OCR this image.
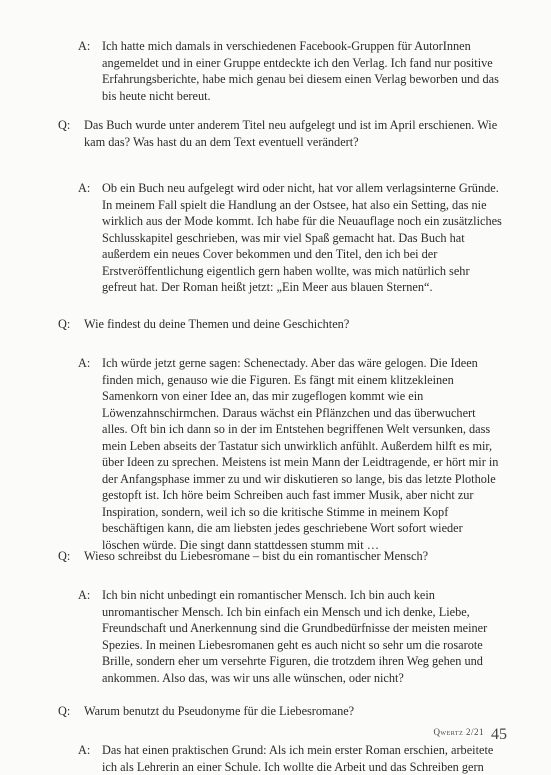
A: Ich hatte mich damals in verschiedenen Facebook-Gruppen für AutorInnen
angemeldet und in einer Gruppe entdeckte ich den Verlag. Ich fand nur positive
Erfahrungsberichte, habe mich genau bei diesem einen Verlag beworben und das
bis heute nicht bereut.
Q:	Das Buch wurde unter anderem Titel neu aufgelegt und ist im April erschienen. Wie
kam das? Was hast du an dem Text eventuell verändert?
A: Ob ein Buch neu aufgelegt wird oder nicht, hat vor allem verlagsinterne Gründe.
In meinem Fall spielt die Handlung an der Ostsee, hat also ein Setting, das nie
wirklich aus der Mode kommt. Ich habe für die Neuauflage noch ein zusätzliches
Schlusskapitel geschrieben, was mir viel Spaß gemacht hat. Das Buch hat
außerdem ein neues Cover bekommen und den Titel, den ich bei der
Erstveröffentlichung eigentlich gern haben wollte, was mich natürlich sehr
gefreut hat. Der Roman heißt jetzt: „Ein Meer aus blauen Sternen“.
Q:	Wie findest du deine Themen und deine Geschichten?
A: Ich würde jetzt gerne sagen: Schenectady. Aber das wäre gelogen. Die Ideen
finden mich, genauso wie die Figuren. Es fängt mit einem klitzekleinen
Samenkorn von einer Idee an, das mir zugeflogen kommt wie ein
Löwenzahnschirmchen. Daraus wächst ein Pflänzchen und das überwuchert
alles. Oft bin ich dann so in der im Entstehen begriffenen Welt versunken, dass
mein Leben abseits der Tastatur sich unwirklich anfühlt. Außerdem hilft es mir,
über Ideen zu sprechen. Meistens ist mein Mann der Leidtragende, er hört mir in
der Anfangsphase immer zu und wir diskutieren so lange, bis das letzte Plothole
gestopft ist. Ich höre beim Schreiben auch fast immer Musik, aber nicht zur
Inspiration, sondern, weil ich so die kritische Stimme in meinem Kopf
beschäftigen kann, die am liebsten jedes geschriebene Wort sofort wieder
löschen würde. Die singt dann stattdessen stumm mit …
Q:	Wieso schreibst du Liebesromane – bist du ein romantischer Mensch?
A: Ich bin nicht unbedingt ein romantischer Mensch. Ich bin auch kein
unromantischer Mensch. Ich bin einfach ein Mensch und ich denke, Liebe,
Freundschaft und Anerkennung sind die Grundbedürfnisse der meisten meiner
Spezies. In meinen Liebesromanen geht es auch nicht so sehr um die rosarote
Brille, sondern eher um versehrte Figuren, die trotzdem ihren Weg gehen und
ankommen. Also das, was wir uns alle wünschen, oder nicht?
Q:	Warum benutzt du Pseudonyme für die Liebesromane?
A: Das hat einen praktischen Grund: Als ich mein erster Roman erschien, arbeitete
ich als Lehrerin an einer Schule. Ich wollte die Arbeit und das Schreiben gern
$^{Qwertz 2/21}$ 45
